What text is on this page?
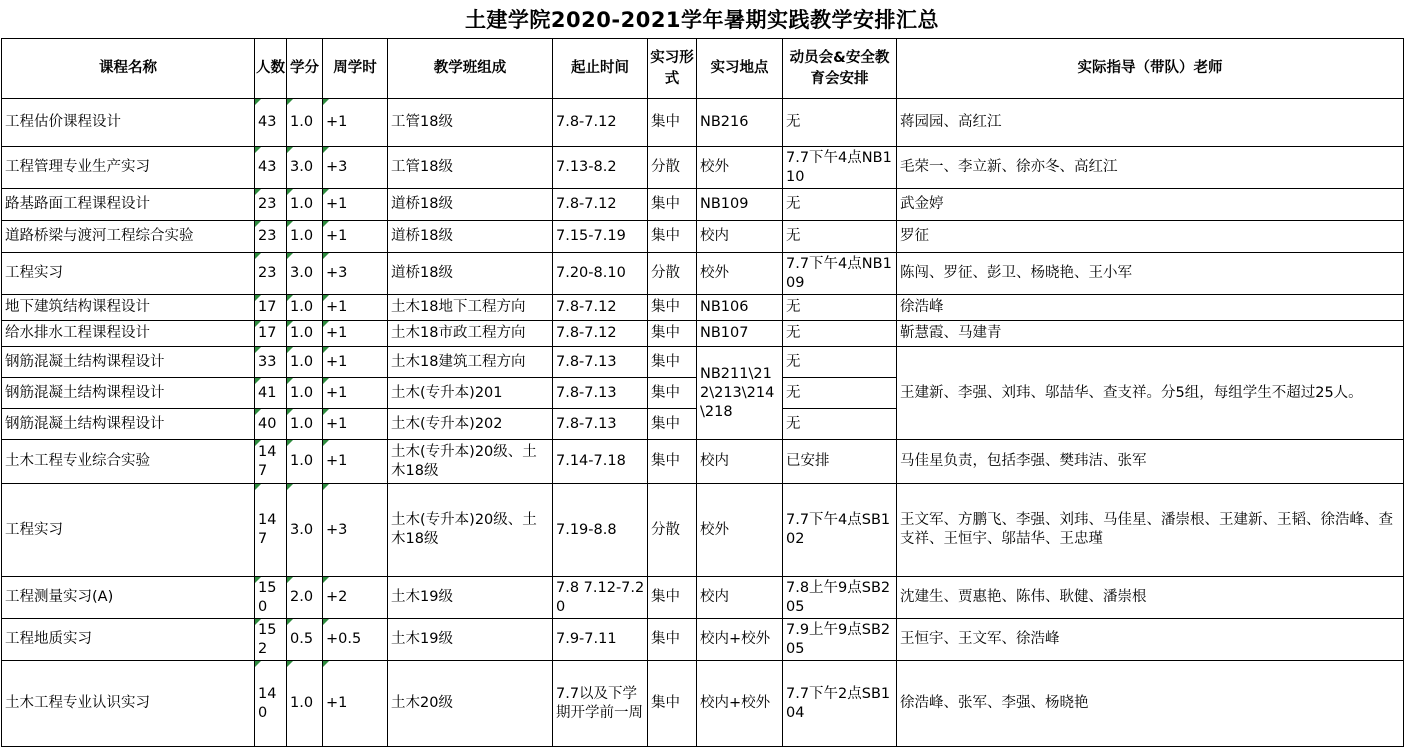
土建学院2020-2021学年暑期实践教学安排汇总
课程名称	人数	学分	周学时	教学班组成	起止时间	实习形式	实习地点	动员会&安全教育会安排	实际指导（带队）老师
工程估价课程设计	43	1.0	+1	工管18级	7.8-7.12	集中	NB216	无	蒋园园、高红江
工程管理专业生产实习	43	3.0	+3	工管18级	7.13-8.2	分散	校外	7.7下午4点NB110	毛荣一、李立新、徐亦冬、高红江
路基路面工程课程设计	23	1.0	+1	道桥18级	7.8-7.12	集中	NB109	无	武金婷
道路桥梁与渡河工程综合实验	23	1.0	+1	道桥18级	7.15-7.19	集中	校内	无	罗征
工程实习	23	3.0	+3	道桥18级	7.20-8.10	分散	校外	7.7下午4点NB109	陈闯、罗征、彭卫、杨晓艳、王小军
地下建筑结构课程设计	17	1.0	+1	土木18地下工程方向	7.8-7.12	集中	NB106	无	徐浩峰
给水排水工程课程设计	17	1.0	+1	土木18市政工程方向	7.8-7.12	集中	NB107	无	靳慧霞、马建青
钢筋混凝土结构课程设计	33	1.0	+1	土木18建筑工程方向	7.8-7.13	集中	NB211\212\213\214\218	无	王建新、李强、刘玮、邬喆华、查支祥。分5组，每组学生不超过25人。
钢筋混凝土结构课程设计	41	1.0	+1	土木(专升本)201	7.8-7.13	集中		无	
钢筋混凝土结构课程设计	40	1.0	+1	土木(专升本)202	7.8-7.13	集中		无	
土木工程专业综合实验	147	1.0	+1	土木(专升本)20级、土木18级	7.14-7.18	集中	校内	已安排	马佳星负责，包括李强、樊玮洁、张军
工程实习	147	3.0	+3	土木(专升本)20级、土木18级	7.19-8.8	分散	校外	7.7下午4点SB102	王文军、方鹏飞、李强、刘玮、马佳星、潘崇根、王建新、王韬、徐浩峰、查支祥、王恒宇、邬喆华、王忠瑾
工程测量实习(A)	150	2.0	+2	土木19级	7.8 7.12-7.20	集中	校内	7.8上午9点SB205	沈建生、贾惠艳、陈伟、耿健、潘崇根
工程地质实习	152	0.5	+0.5	土木19级	7.9-7.11	集中	校内+校外	7.9上午9点SB205	王恒宇、王文军、徐浩峰
土木工程专业认识实习	140	1.0	+1	土木20级	7.7以及下学期开学前一周	集中	校内+校外	7.7下午2点SB104	徐浩峰、张军、李强、杨晓艳
